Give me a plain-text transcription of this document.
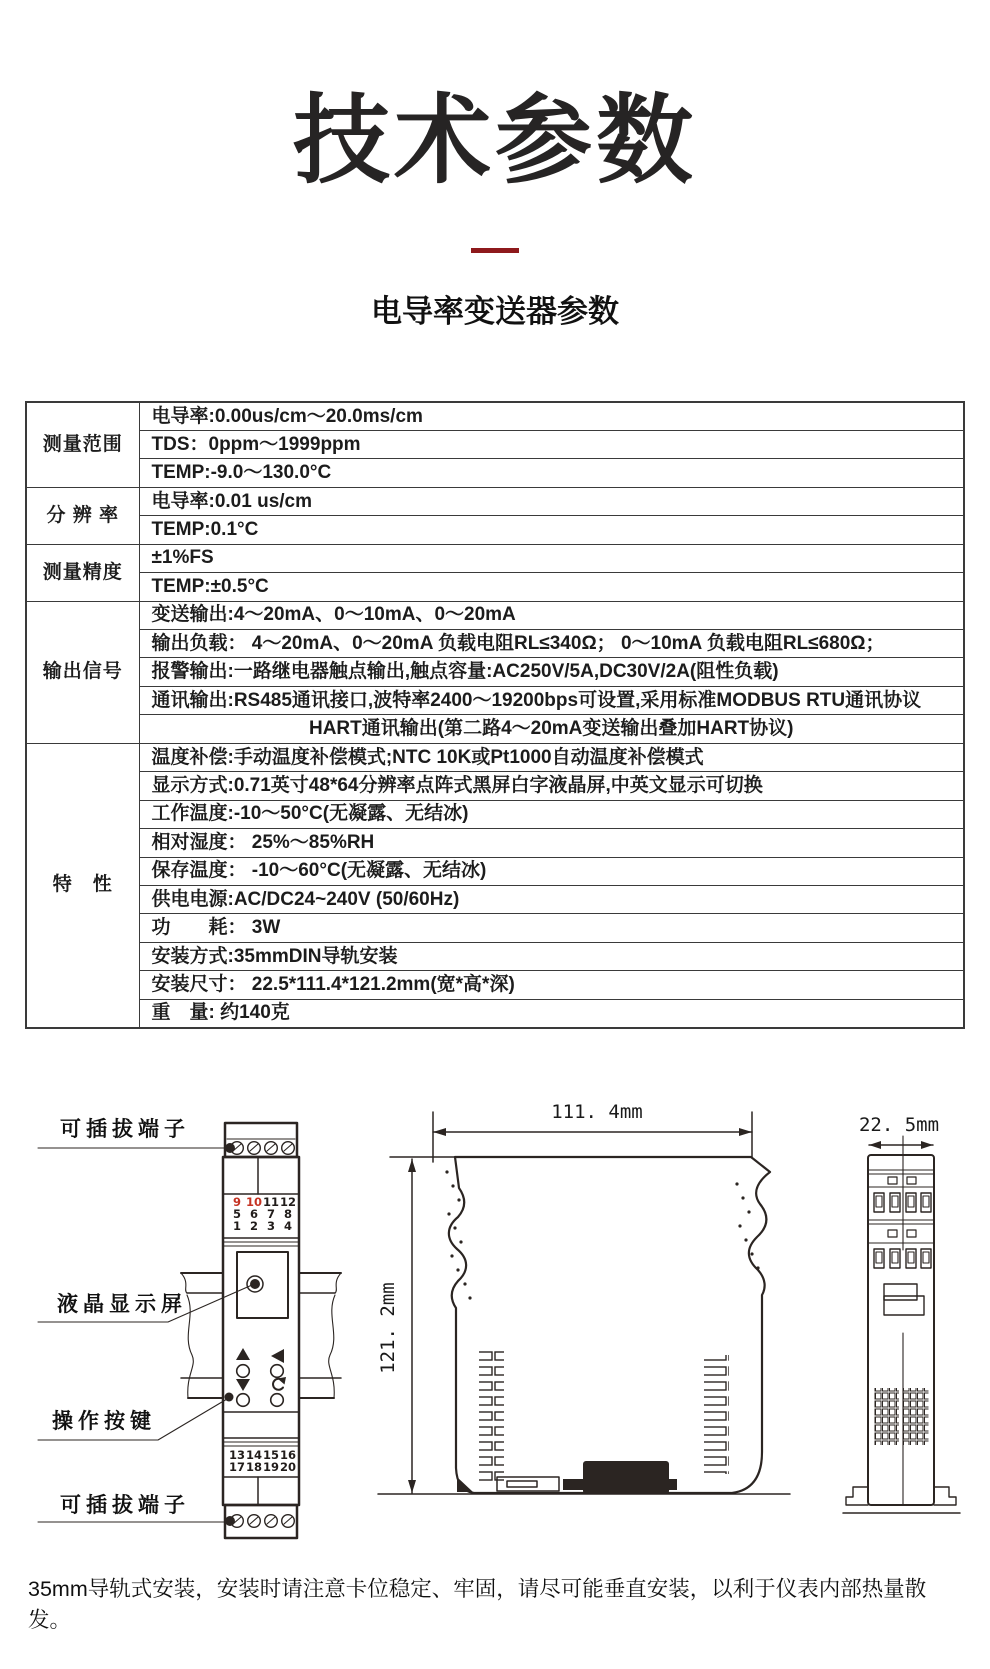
技术参数
电导率变送器参数
测量范围	电导率:0.00us/cm～20.0ms/cm
	TDS：0ppm～1999ppm
	TEMP:-9.0～130.0°C
分 辨 率	电导率:0.01 us/cm
	TEMP:0.1°C
测量精度	±1%FS
	TEMP:±0.5°C
输出信号	变送输出:4～20mA、0～10mA、0～20mA
	输出负载： 4～20mA、0～20mA 负载电阻RL≤340Ω； 0～10mA 负载电阻RL≤680Ω；
	报警输出:一路继电器触点输出,触点容量:AC250V/5A,DC30V/2A(阻性负载)
	通讯输出:RS485通讯接口,波特率2400～19200bps可设置,采用标准MODBUS RTU通讯协议
	HART通讯输出(第二路4～20mA变送输出叠加HART协议)
特　性	温度补偿:手动温度补偿模式;NTC 10K或Pt1000自动温度补偿模式
	显示方式:0.71英寸48*64分辨率点阵式黑屏白字液晶屏,中英文显示可切换
	工作温度:-10～50°C(无凝露、无结冰)
	相对湿度： 25%～85%RH
	保存温度： -10～60°C(无凝露、无结冰)
	供电电源:AC/DC24~240V (50/60Hz)
	功　　耗： 3W
	安装方式:35mmDIN导轨安装
	安装尺寸： 22.5*111.4*121.2mm(宽*高*深)
	重　量: 约140克
9 10 11 12
5 6 7 8
1 2 3 4
13 14 15 16
17 18 19 20
可插拔端子
液晶显示屏
操作按键
可插拔端子
111. 4mm
121. 2mm
22. 5mm
35mm导轨式安装，安装时请注意卡位稳定、牢固，请尽可能垂直安装，以利于仪表内部热量散发。
